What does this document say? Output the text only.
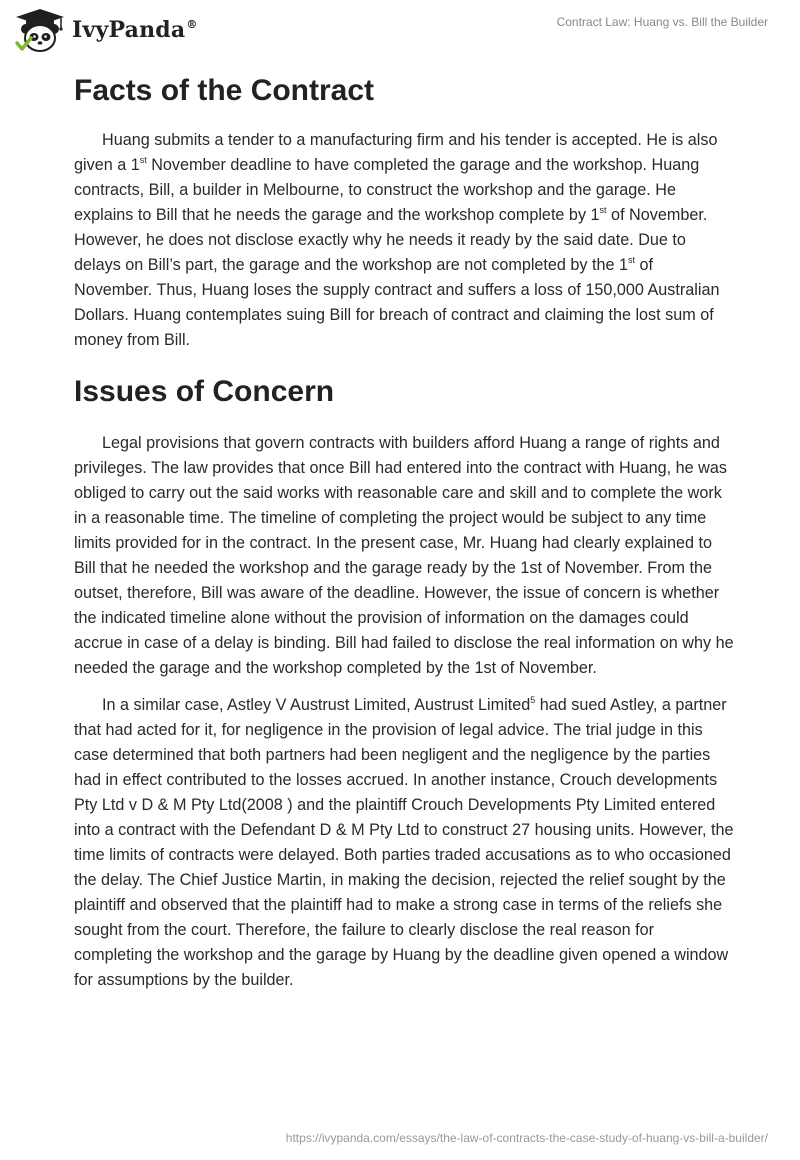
IvyPanda®	Contract Law: Huang vs. Bill the Builder
Facts of the Contract

Huang submits a tender to a manufacturing firm and his tender is accepted. He is also given a 1st November deadline to have completed the garage and the workshop. Huang contracts, Bill, a builder in Melbourne, to construct the workshop and the garage. He explains to Bill that he needs the garage and the workshop complete by 1st of November. However, he does not disclose exactly why he needs it ready by the said date. Due to delays on Bill’s part, the garage and the workshop are not completed by the 1st of November. Thus, Huang loses the supply contract and suffers a loss of 150,000 Australian Dollars. Huang contemplates suing Bill for breach of contract and claiming the lost sum of money from Bill.

Issues of Concern

Legal provisions that govern contracts with builders afford Huang a range of rights and privileges. The law provides that once Bill had entered into the contract with Huang, he was obliged to carry out the said works with reasonable care and skill and to complete the work in a reasonable time. The timeline of completing the project would be subject to any time limits provided for in the contract. In the present case, Mr. Huang had clearly explained to Bill that he needed the workshop and the garage ready by the 1st of November. From the outset, therefore, Bill was aware of the deadline. However, the issue of concern is whether the indicated timeline alone without the provision of information on the damages could accrue in case of a delay is binding. Bill had failed to disclose the real information on why he needed the garage and the workshop completed by the 1st of November.

In a similar case, Astley V Austrust Limited, Austrust Limited$^5$ had sued Astley, a partner that had acted for it, for negligence in the provision of legal advice. The trial judge in this case determined that both partners had been negligent and the negligence by the parties had in effect contributed to the losses accrued. In another instance, Crouch developments Pty Ltd v D & M Pty Ltd(2008 ) and the plaintiff Crouch Developments Pty Limited entered into a contract with the Defendant D & M Pty Ltd to construct 27 housing units. However, the time limits of contracts were delayed. Both parties traded accusations as to who occasioned the delay. The Chief Justice Martin, in making the decision, rejected the relief sought by the plaintiff and observed that the plaintiff had to make a strong case in terms of the reliefs she sought from the court. Therefore, the failure to clearly disclose the real reason for completing the workshop and the garage by Huang by the deadline given opened a window for assumptions by the builder.

https://ivypanda.com/essays/the-law-of-contracts-the-case-study-of-huang-vs-bill-a-builder/
